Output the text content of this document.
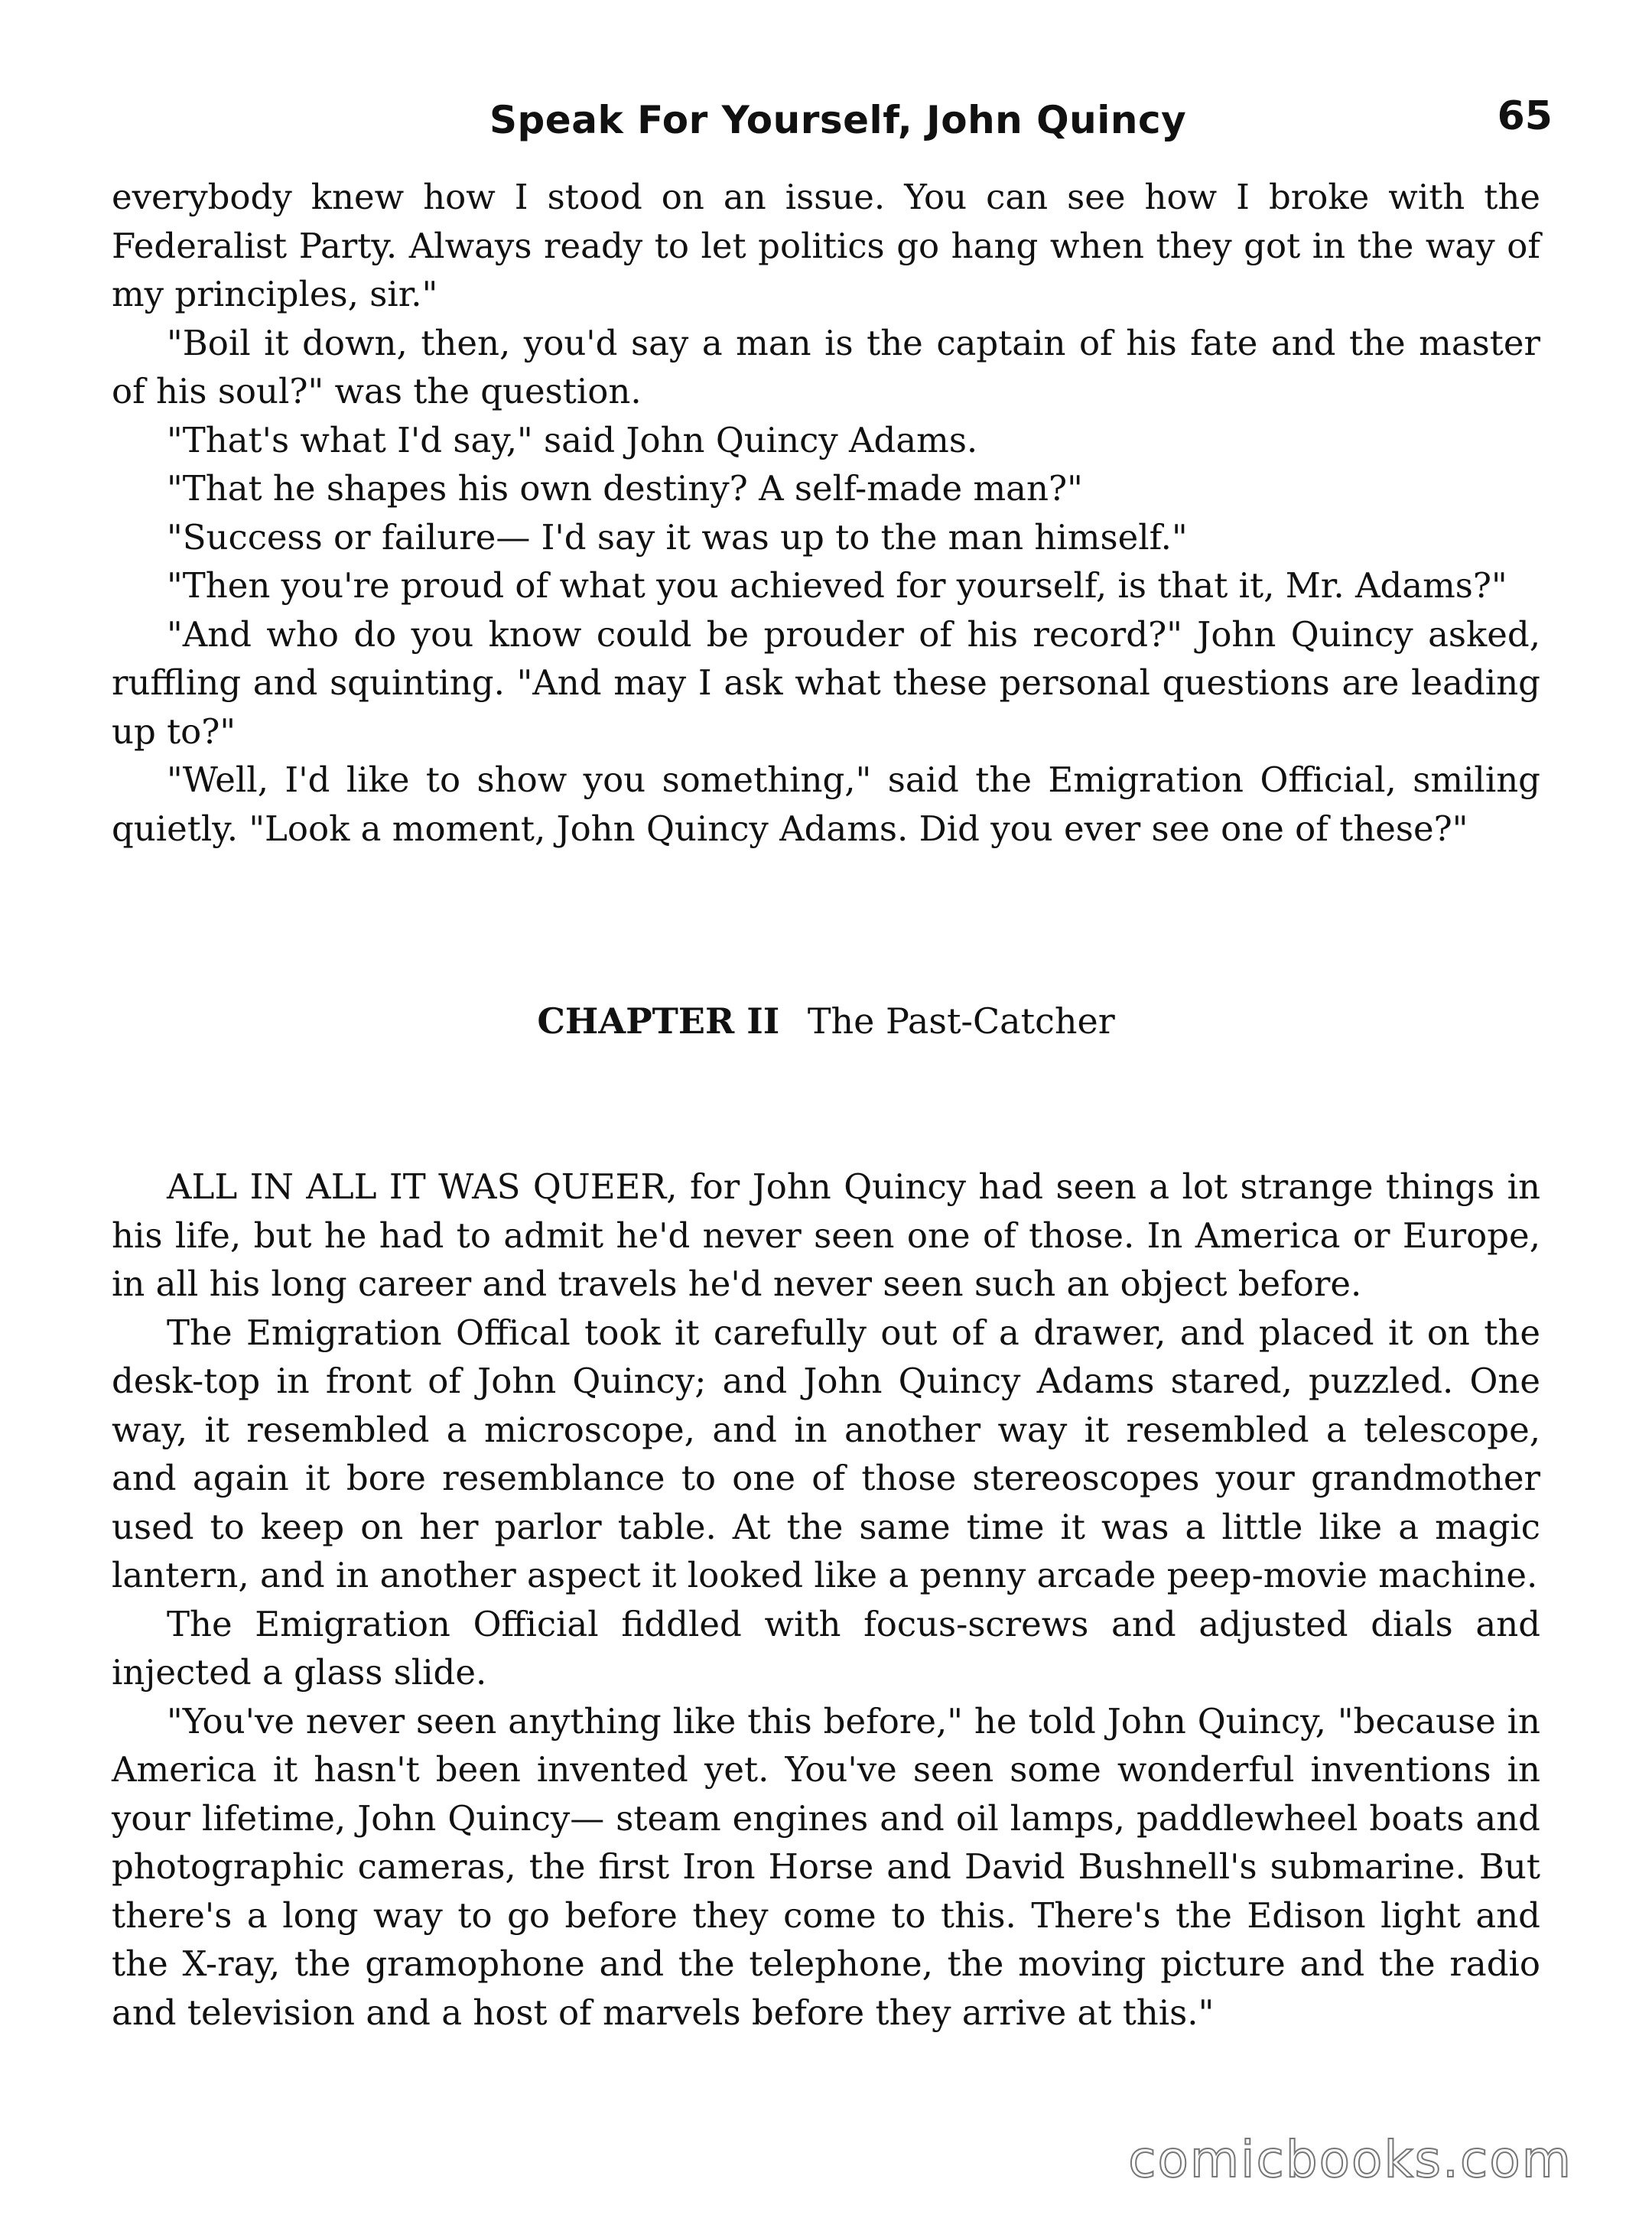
Speak For Yourself, John Quincy	65

everybody knew how I stood on an issue. You can see how I broke with the Federalist Party. Always ready to let politics go hang when they got in the way of my principles, sir."

"Boil it down, then, you'd say a man is the captain of his fate and the master of his soul?" was the question.

"That's what I'd say," said John Quincy Adams.

"That he shapes his own destiny? A self-made man?"

"Success or failure— I'd say it was up to the man himself."

"Then you're proud of what you achieved for yourself, is that it, Mr. Adams?"

"And who do you know could be prouder of his record?" John Quincy asked, ruffling and squinting. "And may I ask what these personal questions are leading up to?"

"Well, I'd like to show you something," said the Emigration Official, smiling quietly. "Look a moment, John Quincy Adams. Did you ever see one of these?"

CHAPTER II The Past-Catcher

ALL IN ALL IT WAS QUEER, for John Quincy had seen a lot strange things in his life, but he had to admit he'd never seen one of those. In America or Europe, in all his long career and travels he'd never seen such an object before.

The Emigration Offical took it carefully out of a drawer, and placed it on the desk-top in front of John Quincy; and John Quincy Adams stared, puzzled. One way, it resembled a microscope, and in another way it resembled a telescope, and again it bore resemblance to one of those stereoscopes your grandmother used to keep on her parlor table. At the same time it was a little like a magic lantern, and in another aspect it looked like a penny arcade peep-movie machine.

The Emigration Official fiddled with focus-screws and adjusted dials and injected a glass slide.

"You've never seen anything like this before," he told John Quincy, "because in America it hasn't been invented yet. You've seen some wonderful inventions in your lifetime, John Quincy— steam engines and oil lamps, paddlewheel boats and photographic cameras, the first Iron Horse and David Bushnell's submarine. But there's a long way to go before they come to this. There's the Edison light and the X-ray, the gramophone and the telephone, the moving picture and the radio and television and a host of marvels before they arrive at this."

comicbooks.com
